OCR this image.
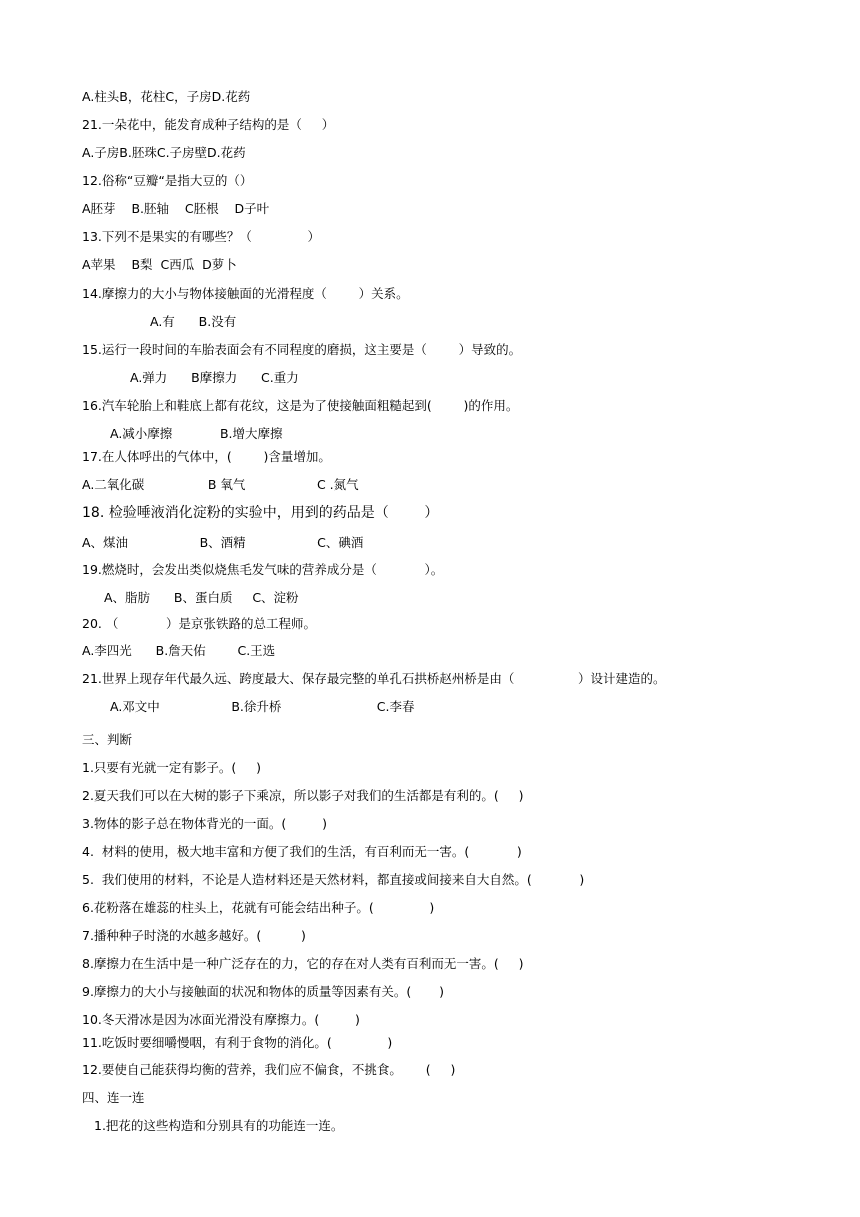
A.柱头B，花柱C，子房D.花药
21.一朵花中，能发育成种子结构的是（     ）
A.子房B.胚珠C.子房壁D.花药
12.俗称“豆瓣“是指大豆的（）
A胚芽    B.胚轴    C胚根    D子叶
13.下列不是果实的有哪些？（              ）
A苹果    B梨  C西瓜  D萝卜
14.摩擦力的大小与物体接触面的光滑程度（        ）关系。
A.有      B.没有
15.运行一段时间的车胎表面会有不同程度的磨损，这主要是（        ）导致的。
A.弹力      B摩擦力      C.重力
16.汽车轮胎上和鞋底上都有花纹，这是为了使接触面粗糙起到(        )的作用。
A.减小摩擦            B.增大摩擦
17.在人体呼出的气体中，(        )含量增加。
A.二氧化碳                B 氧气                  C .氮气
18. 检验唾液消化淀粉的实验中，用到的药品是（        ）
A、煤油                  B、酒精                  C、碘酒
19.燃烧时，会发出类似烧焦毛发气味的营养成分是（            ）。
A、脂肪      B、蛋白质     C、淀粉
20. （            ）是京张铁路的总工程师。
A.李四光      B.詹天佑        C.王选
21.世界上现存年代最久远、跨度最大、保存最完整的单孔石拱桥赵州桥是由（                ）设计建造的。
A.邓文中                  B.徐升桥                        C.李春
三、判断
1.只要有光就一定有影子。(     )
2.夏天我们可以在大树的影子下乘凉，所以影子对我们的生活都是有利的。(     )
3.物体的影子总在物体背光的一面。(         )
4.  材料的使用，极大地丰富和方便了我们的生活，有百利而无一害。(            )
5.  我们使用的材料，不论是人造材料还是天然材料，都直接或间接来自大自然。(            )
6.花粉落在雄蕊的柱头上，花就有可能会结出种子。(              )
7.播种种子时浇的水越多越好。(          )
8.摩擦力在生活中是一种广泛存在的力，它的存在对人类有百利而无一害。(     )
9.摩擦力的大小与接触面的状况和物体的质量等因素有关。(       )
10.冬天滑冰是因为冰面光滑没有摩擦力。(         )
11.吃饭时要细嚼慢咽，有利于食物的消化。(              )
12.要使自己能获得均衡的营养，我们应不偏食，不挑食。      (     )
四、连一连
1.把花的这些构造和分别具有的功能连一连。
